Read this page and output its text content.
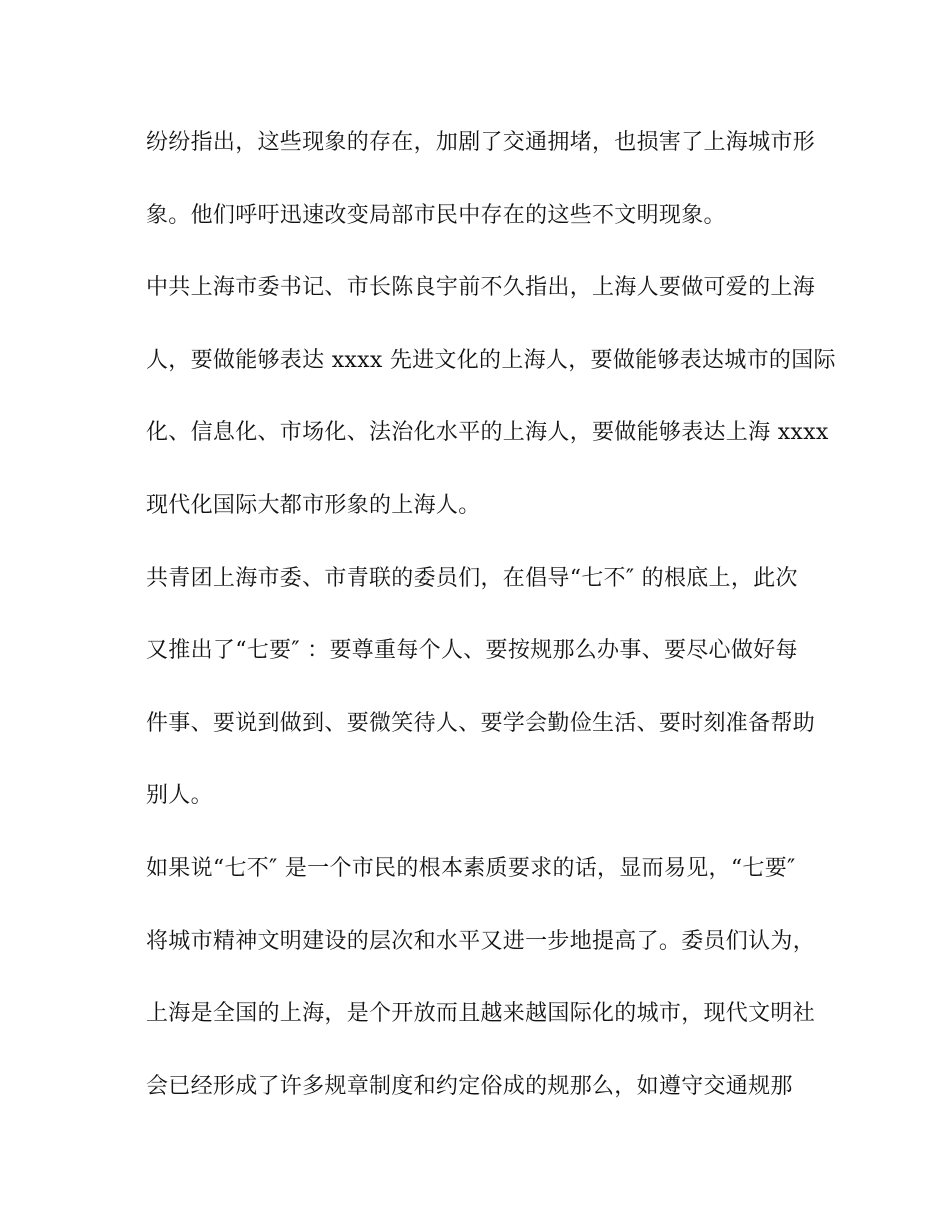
纷纷指出，这些现象的存在，加剧了交通拥堵，也损害了上海城市形
象。他们呼吁迅速改变局部市民中存在的这些不文明现象。
中共上海市委书记、市长陈良宇前不久指出，上海人要做可爱的上海
人，要做能够表达 xxxx 先进文化的上海人，要做能够表达城市的国际
化、信息化、市场化、法治化水平的上海人，要做能够表达上海 xxxx
现代化国际大都市形象的上海人。
共青团上海市委、市青联的委员们，在倡导“七不″ 的根底上，此次
又推出了“七要″ ：要尊重每个人、要按规那么办事、要尽心做好每
件事、要说到做到、要微笑待人、要学会勤俭生活、要时刻准备帮助
别人。
如果说“七不″ 是一个市民的根本素质要求的话，显而易见，“七要″
将城市精神文明建设的层次和水平又进一步地提高了。委员们认为，
上海是全国的上海，是个开放而且越来越国际化的城市，现代文明社
会已经形成了许多规章制度和约定俗成的规那么，如遵守交通规那
